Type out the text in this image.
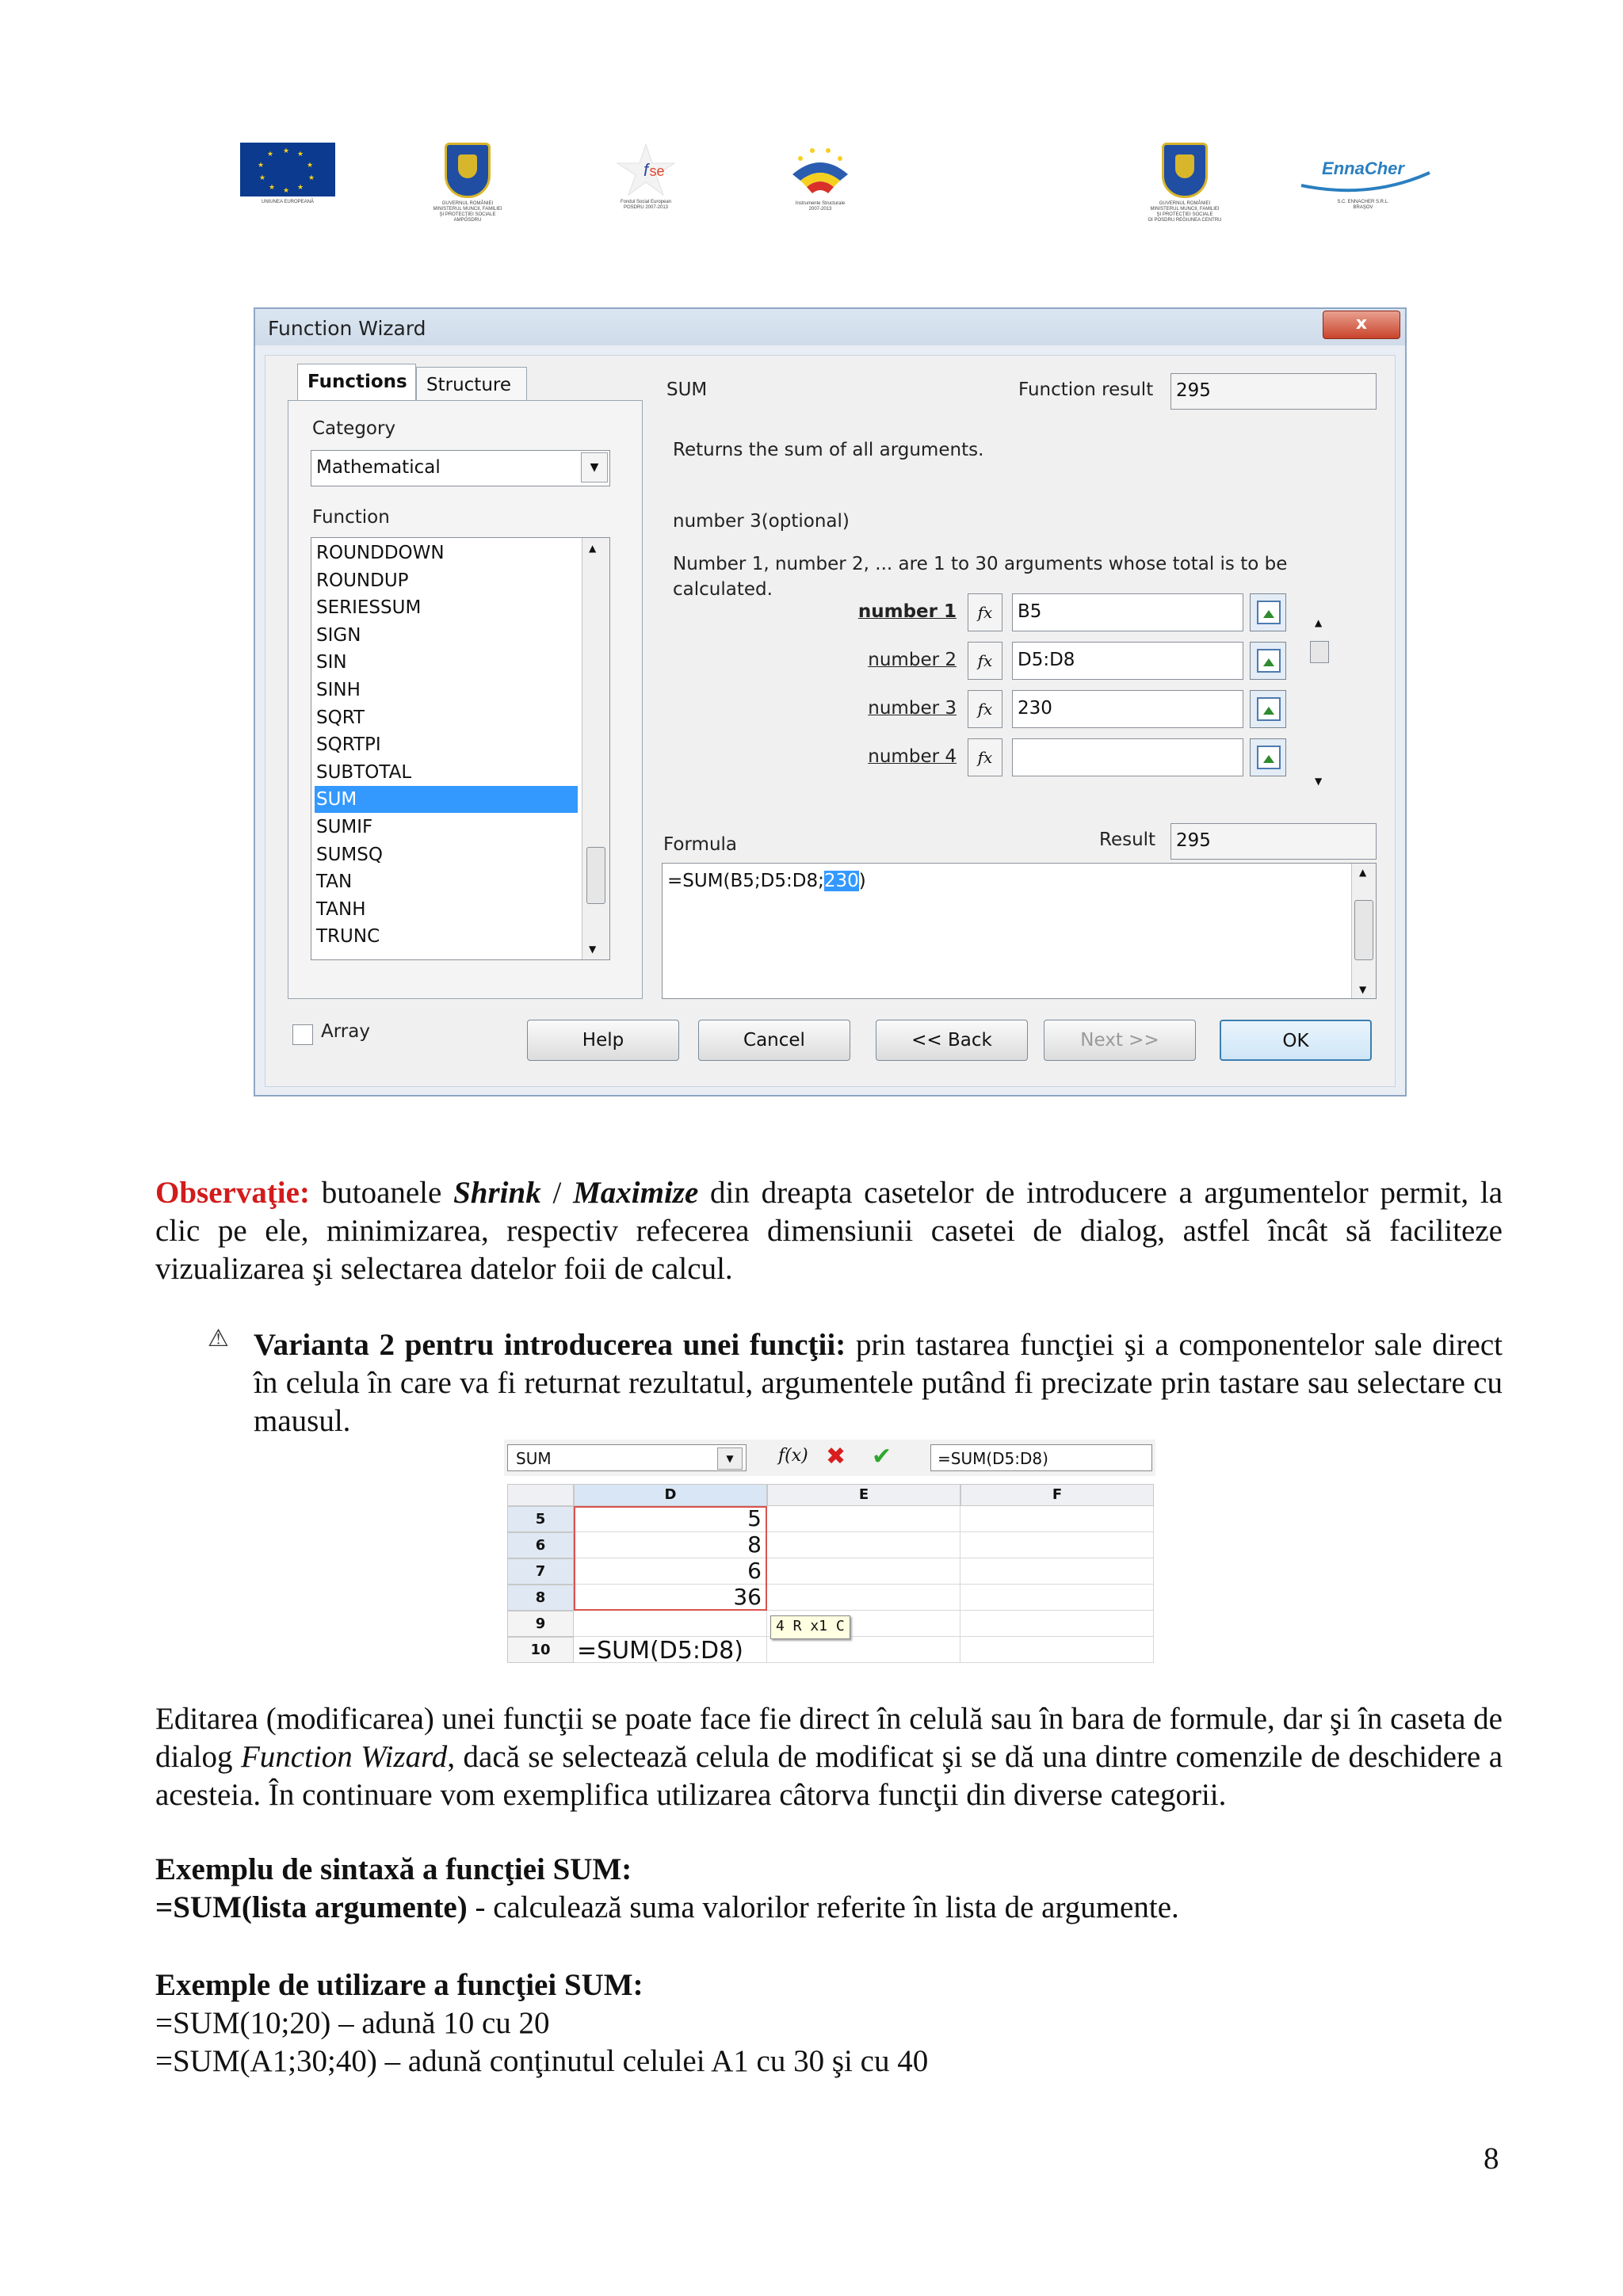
★ ★
★
★
★
★
★
★
★
★
UNIUNEA EUROPEANĂ	GUVERNUL ROMÂNIEI
MINISTERUL MUNCII, FAMILIEI
ŞI PROTECŢIEI SOCIALE
AMPOSDRU
f se
Fondul Social European
POSDRU 2007-2013
Instrumente Structurale
2007-2013
GUVERNUL ROMÂNIEI
MINISTERUL MUNCII, FAMILIEI
ŞI PROTECŢIEI SOCIALE
OI POSDRU REGIUNEA CENTRU
EnnaCher
S.C. ENNACHER S.R.L.
BRAŞOV
Function Wizard	x
Functions	Structure
Category
Mathematical	▼
Function
ROUNDDOWN
ROUNDUP
SERIESSUM
SIGN
SIN
SINH
SQRT
SQRTPI
SUBTOTAL
SUM
SUMIF
SUMSQ
TAN
TANH
TRUNC
▲
▼
SUM	Function result	295
Returns the sum of all arguments.
number 3(optional)
Number 1, number 2, ... are 1 to 30 arguments whose total is to be
calculated.
number 1	fx	B5
number 2	fx	D5:D8
number 3	fx	230
number 4	fx
▲
▼
Formula	Result	295
=SUM(B5;D5:D8;230)	▲
▼
Array	Help	Cancel	<< Back	Next >>	OK
Observaţie: butoanele Shrink / Maximize din dreapta casetelor de introducere a argumentelor permit, la clic pe ele, minimizarea, respectiv refecerea dimensiunii casetei de dialog, astfel încât să faciliteze vizualizarea şi selectarea datelor foii de calcul.
⚠ Varianta 2 pentru introducerea unei funcţii: prin tastarea funcţiei şi a componentelor sale direct în celula în care va fi returnat rezultatul, argumentele putând fi precizate prin tastare sau selectare cu mausul.
SUM	▼	f(x) ✖ ✔	=SUM(D5:D8)
D	E	F
5	5
6	8
7	6
8	36
9
10
4 R x1 C
=SUM(D5:D8)
Editarea (modificarea) unei funcţii se poate face fie direct în celulă sau în bara de formule, dar şi în caseta de dialog Function Wizard, dacă se selectează celula de modificat şi se dă una dintre comenzile de deschidere a acesteia. În continuare vom exemplifica utilizarea câtorva funcţii din diverse categorii.
Exemplu de sintaxă a funcţiei SUM:
=SUM(lista argumente) - calculează suma valorilor referite în lista de argumente.
Exemple de utilizare a funcţiei SUM:
=SUM(10;20) – adună 10 cu 20
=SUM(A1;30;40) – adună conţinutul celulei A1 cu 30 şi cu 40
8
